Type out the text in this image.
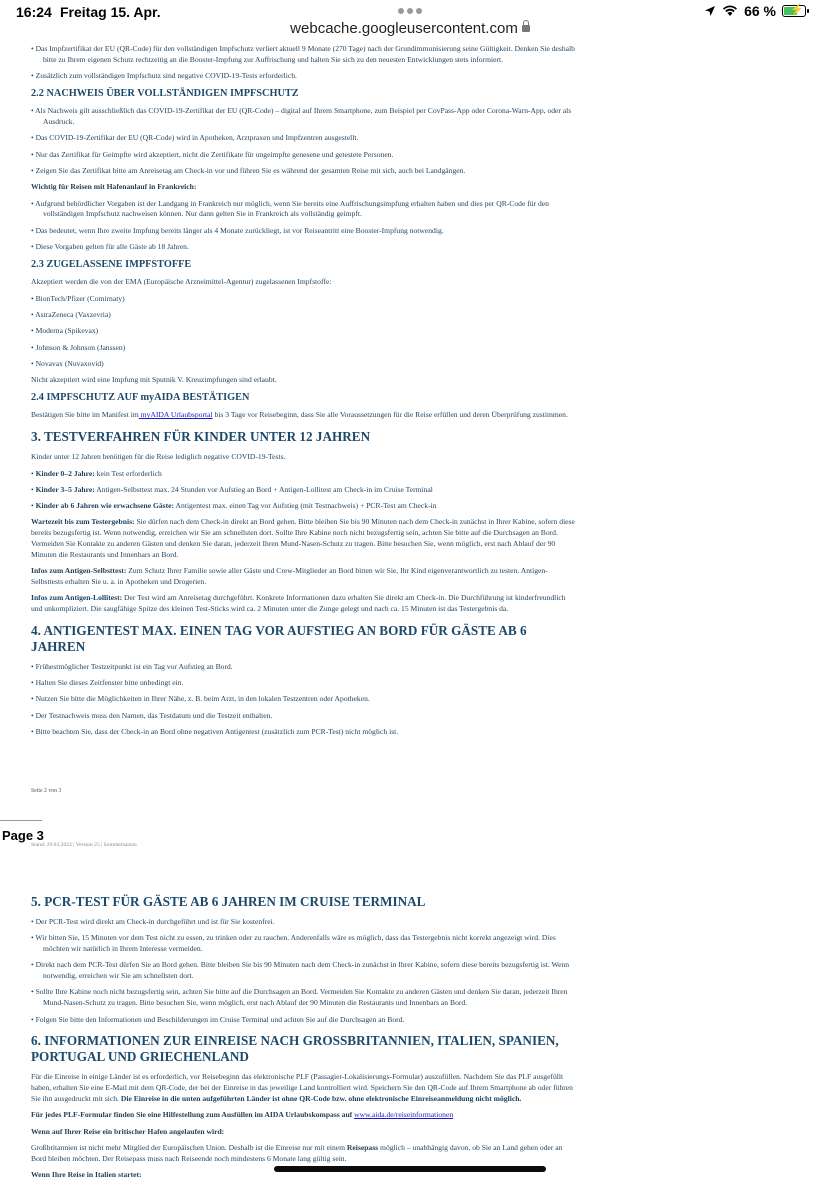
16:24 Freitag 15. Apr.	66 % ⚡
webcache.googleusercontent.com
• Das Impfzertifikat der EU (QR-Code) für den vollständigen Impfschutz verliert aktuell 9 Monate (270 Tage) nach der Grundimmunisierung seine Gültigkeit. Denken Sie deshalb bitte zu Ihrem eigenen Schutz rechtzeitig an die Booster-Impfung zur Auffrischung und halten Sie sich zu den neuesten Entwicklungen stets informiert.
• Zusätzlich zum vollständigen Impfschutz sind negative COVID-19-Tests erforderlich.
2.2 NACHWEIS ÜBER VOLLSTÄNDIGEN IMPFSCHUTZ
• Als Nachweis gilt ausschließlich das COVID-19-Zertifikat der EU (QR-Code) – digital auf Ihrem Smartphone, zum Beispiel per CovPass-App oder Corona-Warn-App, oder als Ausdruck.
• Das COVID-19-Zertifikat der EU (QR-Code) wird in Apotheken, Arztpraxen und Impfzentren ausgestellt.
• Nur das Zertifikat für Geimpfte wird akzeptiert, nicht die Zertifikate für ungeimpfte genesene und getestete Personen.
• Zeigen Sie das Zertifikat bitte am Anreisetag am Check-in vor und führen Sie es während der gesamten Reise mit sich, auch bei Landgängen.
Wichtig für Reisen mit Hafenanlauf in Frankreich:
• Aufgrund behördlicher Vorgaben ist der Landgang in Frankreich nur möglich, wenn Sie bereits eine Auffrischungsimpfung erhalten haben und dies per QR-Code für den vollständigen Impfschutz nachweisen können. Nur dann gelten Sie in Frankreich als vollständig geimpft.
• Das bedeutet, wenn Ihre zweite Impfung bereits länger als 4 Monate zurückliegt, ist vor Reiseantritt eine Booster-Impfung notwendig.
• Diese Vorgaben gelten für alle Gäste ab 18 Jahren.
2.3 ZUGELASSENE IMPFSTOFFE
Akzeptiert werden die von der EMA (Europäische Arzneimittel-Agentur) zugelassenen Impfstoffe:
• BionTech/Pfizer (Comirnaty)
• AstraZeneca (Vaxzevria)
• Moderna (Spikevax)
• Johnson & Johnson (Janssen)
• Novavax (Nuvaxovid)
Nicht akzeptiert wird eine Impfung mit Sputnik V. Kreuzimpfungen sind erlaubt.
2.4 IMPFSCHUTZ AUF myAIDA BESTÄTIGEN
Bestätigen Sie bitte im Manifest im myAIDA Urlaubsportal bis 3 Tage vor Reisebeginn, dass Sie alle Voraussetzungen für die Reise erfüllen und deren Überprüfung zustimmen.
3. TESTVERFAHREN FÜR KINDER UNTER 12 JAHREN
Kinder unter 12 Jahren benötigen für die Reise lediglich negative COVID-19-Tests.
• Kinder 0–2 Jahre: kein Test erforderlich
• Kinder 3–5 Jahre: Antigen-Selbsttest max. 24 Stunden vor Aufstieg an Bord + Antigen-Lollitest am Check-in im Cruise Terminal
• Kinder ab 6 Jahren wie erwachsene Gäste: Antigentest max. einen Tag vor Aufstieg (mit Testnachweis) + PCR-Test am Check-in
Wartezeit bis zum Testergebnis: Sie dürfen nach dem Check-in direkt an Bord gehen. Bitte bleiben Sie bis 90 Minuten nach dem Check-in zunächst in Ihrer Kabine, sofern diese bereits bezugsfertig ist. Wenn notwendig, erreichen wir Sie am schnellsten dort. Sollte Ihre Kabine noch nicht bezugsfertig sein, achten Sie bitte auf die Durchsagen an Bord. Vermeiden Sie Kontakte zu anderen Gästen und denken Sie daran, jederzeit Ihren Mund-Nasen-Schutz zu tragen. Bitte besuchen Sie, wenn möglich, erst nach Ablauf der 90 Minuten die Restaurants und Innenbars an Bord.
Infos zum Antigen-Selbsttest: Zum Schutz Ihrer Familie sowie aller Gäste und Crew-Mitglieder an Bord bitten wir Sie, Ihr Kind eigenverantwortlich zu testen. Antigen-Selbsttests erhalten Sie u. a. in Apotheken und Drogerien.
Infos zum Antigen-Lollitest: Der Test wird am Anreisetag durchgeführt. Konkrete Informationen dazu erhalten Sie direkt am Check-in. Die Durchführung ist kinderfreundlich und unkompliziert. Die saugfähige Spitze des kleinen Test-Sticks wird ca. 2 Minuten unter die Zunge gelegt und nach ca. 15 Minuten ist das Testergebnis da.
4. ANTIGENTEST MAX. EINEN TAG VOR AUFSTIEG AN BORD FÜR GÄSTE AB 6 JAHREN
• Frühestmöglicher Testzeitpunkt ist ein Tag vor Aufstieg an Bord.
• Halten Sie dieses Zeitfenster bitte unbedingt ein.
• Nutzen Sie bitte die Möglichkeiten in Ihrer Nähe, z. B. beim Arzt, in den lokalen Testzentren oder Apotheken.
• Der Testnachweis muss den Namen, das Testdatum und die Testzeit enthalten.
• Bitte beachten Sie, dass der Check-in an Bord ohne negativen Antigentest (zusätzlich zum PCR-Test) nicht möglich ist.
Seite 2 von 3
Page 3
Stand: 29.03.2022 | Version 25 | Sommersaison
5. PCR-TEST FÜR GÄSTE AB 6 JAHREN IM CRUISE TERMINAL
• Der PCR-Test wird direkt am Check-in durchgeführt und ist für Sie kostenfrei.
• Wir bitten Sie, 15 Minuten vor dem Test nicht zu essen, zu trinken oder zu rauchen. Anderenfalls wäre es möglich, dass das Testergebnis nicht korrekt angezeigt wird. Dies möchten wir natürlich in Ihrem Interesse vermeiden.
• Direkt nach dem PCR-Test dürfen Sie an Bord gehen. Bitte bleiben Sie bis 90 Minuten nach dem Check-in zunächst in Ihrer Kabine, sofern diese bereits bezugsfertig ist. Wenn notwendig, erreichen wir Sie am schnellsten dort.
• Sollte Ihre Kabine noch nicht bezugsfertig sein, achten Sie bitte auf die Durchsagen an Bord. Vermeiden Sie Kontakte zu anderen Gästen und denken Sie daran, jederzeit Ihren Mund-Nasen-Schutz zu tragen. Bitte besuchen Sie, wenn möglich, erst nach Ablauf der 90 Minuten die Restaurants und Innenbars an Bord.
• Folgen Sie bitte den Informationen und Beschilderungen im Cruise Terminal und achten Sie auf die Durchsagen an Bord.
6. INFORMATIONEN ZUR EINREISE NACH GROSSBRITANNIEN, ITALIEN, SPANIEN, PORTUGAL UND GRIECHENLAND
Für die Einreise in einige Länder ist es erforderlich, vor Reisebeginn das elektronische PLF (Passagier-Lokalisierungs-Formular) auszufüllen. Nachdem Sie das PLF ausgefüllt haben, erhalten Sie eine E-Mail mit dem QR-Code, der bei der Einreise in das jeweilige Land kontrolliert wird. Speichern Sie den QR-Code auf Ihrem Smartphone ab oder führen Sie ihn ausgedruckt mit sich. Die Einreise in die unten aufgeführten Länder ist ohne QR-Code bzw. ohne elektronische Einreiseanmeldung nicht möglich.
Für jedes PLF-Formular finden Sie eine Hilfestellung zum Ausfüllen im AIDA Urlaubskompass auf www.aida.de/reiseinformationen
Wenn auf Ihrer Reise ein britischer Hafen angelaufen wird:
Großbritannien ist nicht mehr Mitglied der Europäischen Union. Deshalb ist die Einreise nur mit einem Reisepass möglich – unabhängig davon, ob Sie an Land gehen oder an Bord bleiben möchten. Der Reisepass muss nach Reiseende noch mindestens 6 Monate lang gültig sein.
Wenn Ihre Reise in Italien startet:
